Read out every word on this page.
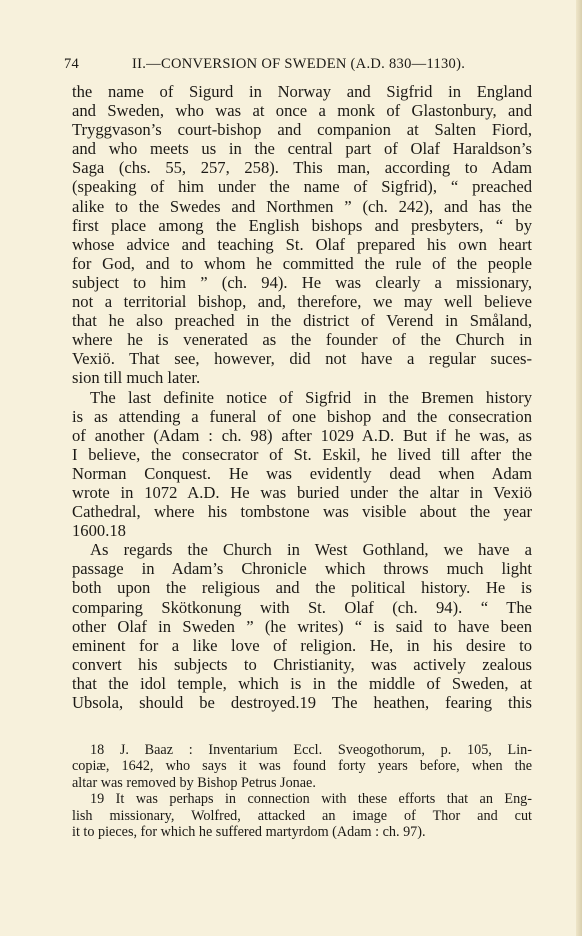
74	II.—CONVERSION OF SWEDEN (A.D. 830—1130).
the name of Sigurd in Norway and Sigfrid in England
and Sweden, who was at once a monk of Glastonbury, and
Tryggvason’s court-bishop and companion at Salten Fiord,
and who meets us in the central part of Olaf Haraldson’s
Saga (chs. 55, 257, 258). This man, according to Adam
(speaking of him under the name of Sigfrid), “ preached
alike to the Swedes and Northmen ” (ch. 242), and has the
first place among the English bishops and presbyters, “ by
whose advice and teaching St. Olaf prepared his own heart
for God, and to whom he committed the rule of the people
subject to him ” (ch. 94). He was clearly a missionary,
not a territorial bishop, and, therefore, we may well believe
that he also preached in the district of Verend in Småland,
where he is venerated as the founder of the Church in
Vexiö. That see, however, did not have a regular suces-
sion till much later.
The last definite notice of Sigfrid in the Bremen history
is as attending a funeral of one bishop and the consecration
of another (Adam : ch. 98) after 1029 A.D. But if he was, as
I believe, the consecrator of St. Eskil, he lived till after the
Norman Conquest. He was evidently dead when Adam
wrote in 1072 A.D. He was buried under the altar in Vexiö
Cathedral, where his tombstone was visible about the year
1600.18
As regards the Church in West Gothland, we have a
passage in Adam’s Chronicle which throws much light
both upon the religious and the political history. He is
comparing Skötkonung with St. Olaf (ch. 94). “ The
other Olaf in Sweden ” (he writes) “ is said to have been
eminent for a like love of religion. He, in his desire to
convert his subjects to Christianity, was actively zealous
that the idol temple, which is in the middle of Sweden, at
Ubsola, should be destroyed.19 The heathen, fearing this
18 J. Baaz : Inventarium Eccl. Sveogothorum, p. 105, Lin-
copiæ, 1642, who says it was found forty years before, when the
altar was removed by Bishop Petrus Jonae.
19 It was perhaps in connection with these efforts that an Eng-
lish missionary, Wolfred, attacked an image of Thor and cut
it to pieces, for which he suffered martyrdom (Adam : ch. 97).
